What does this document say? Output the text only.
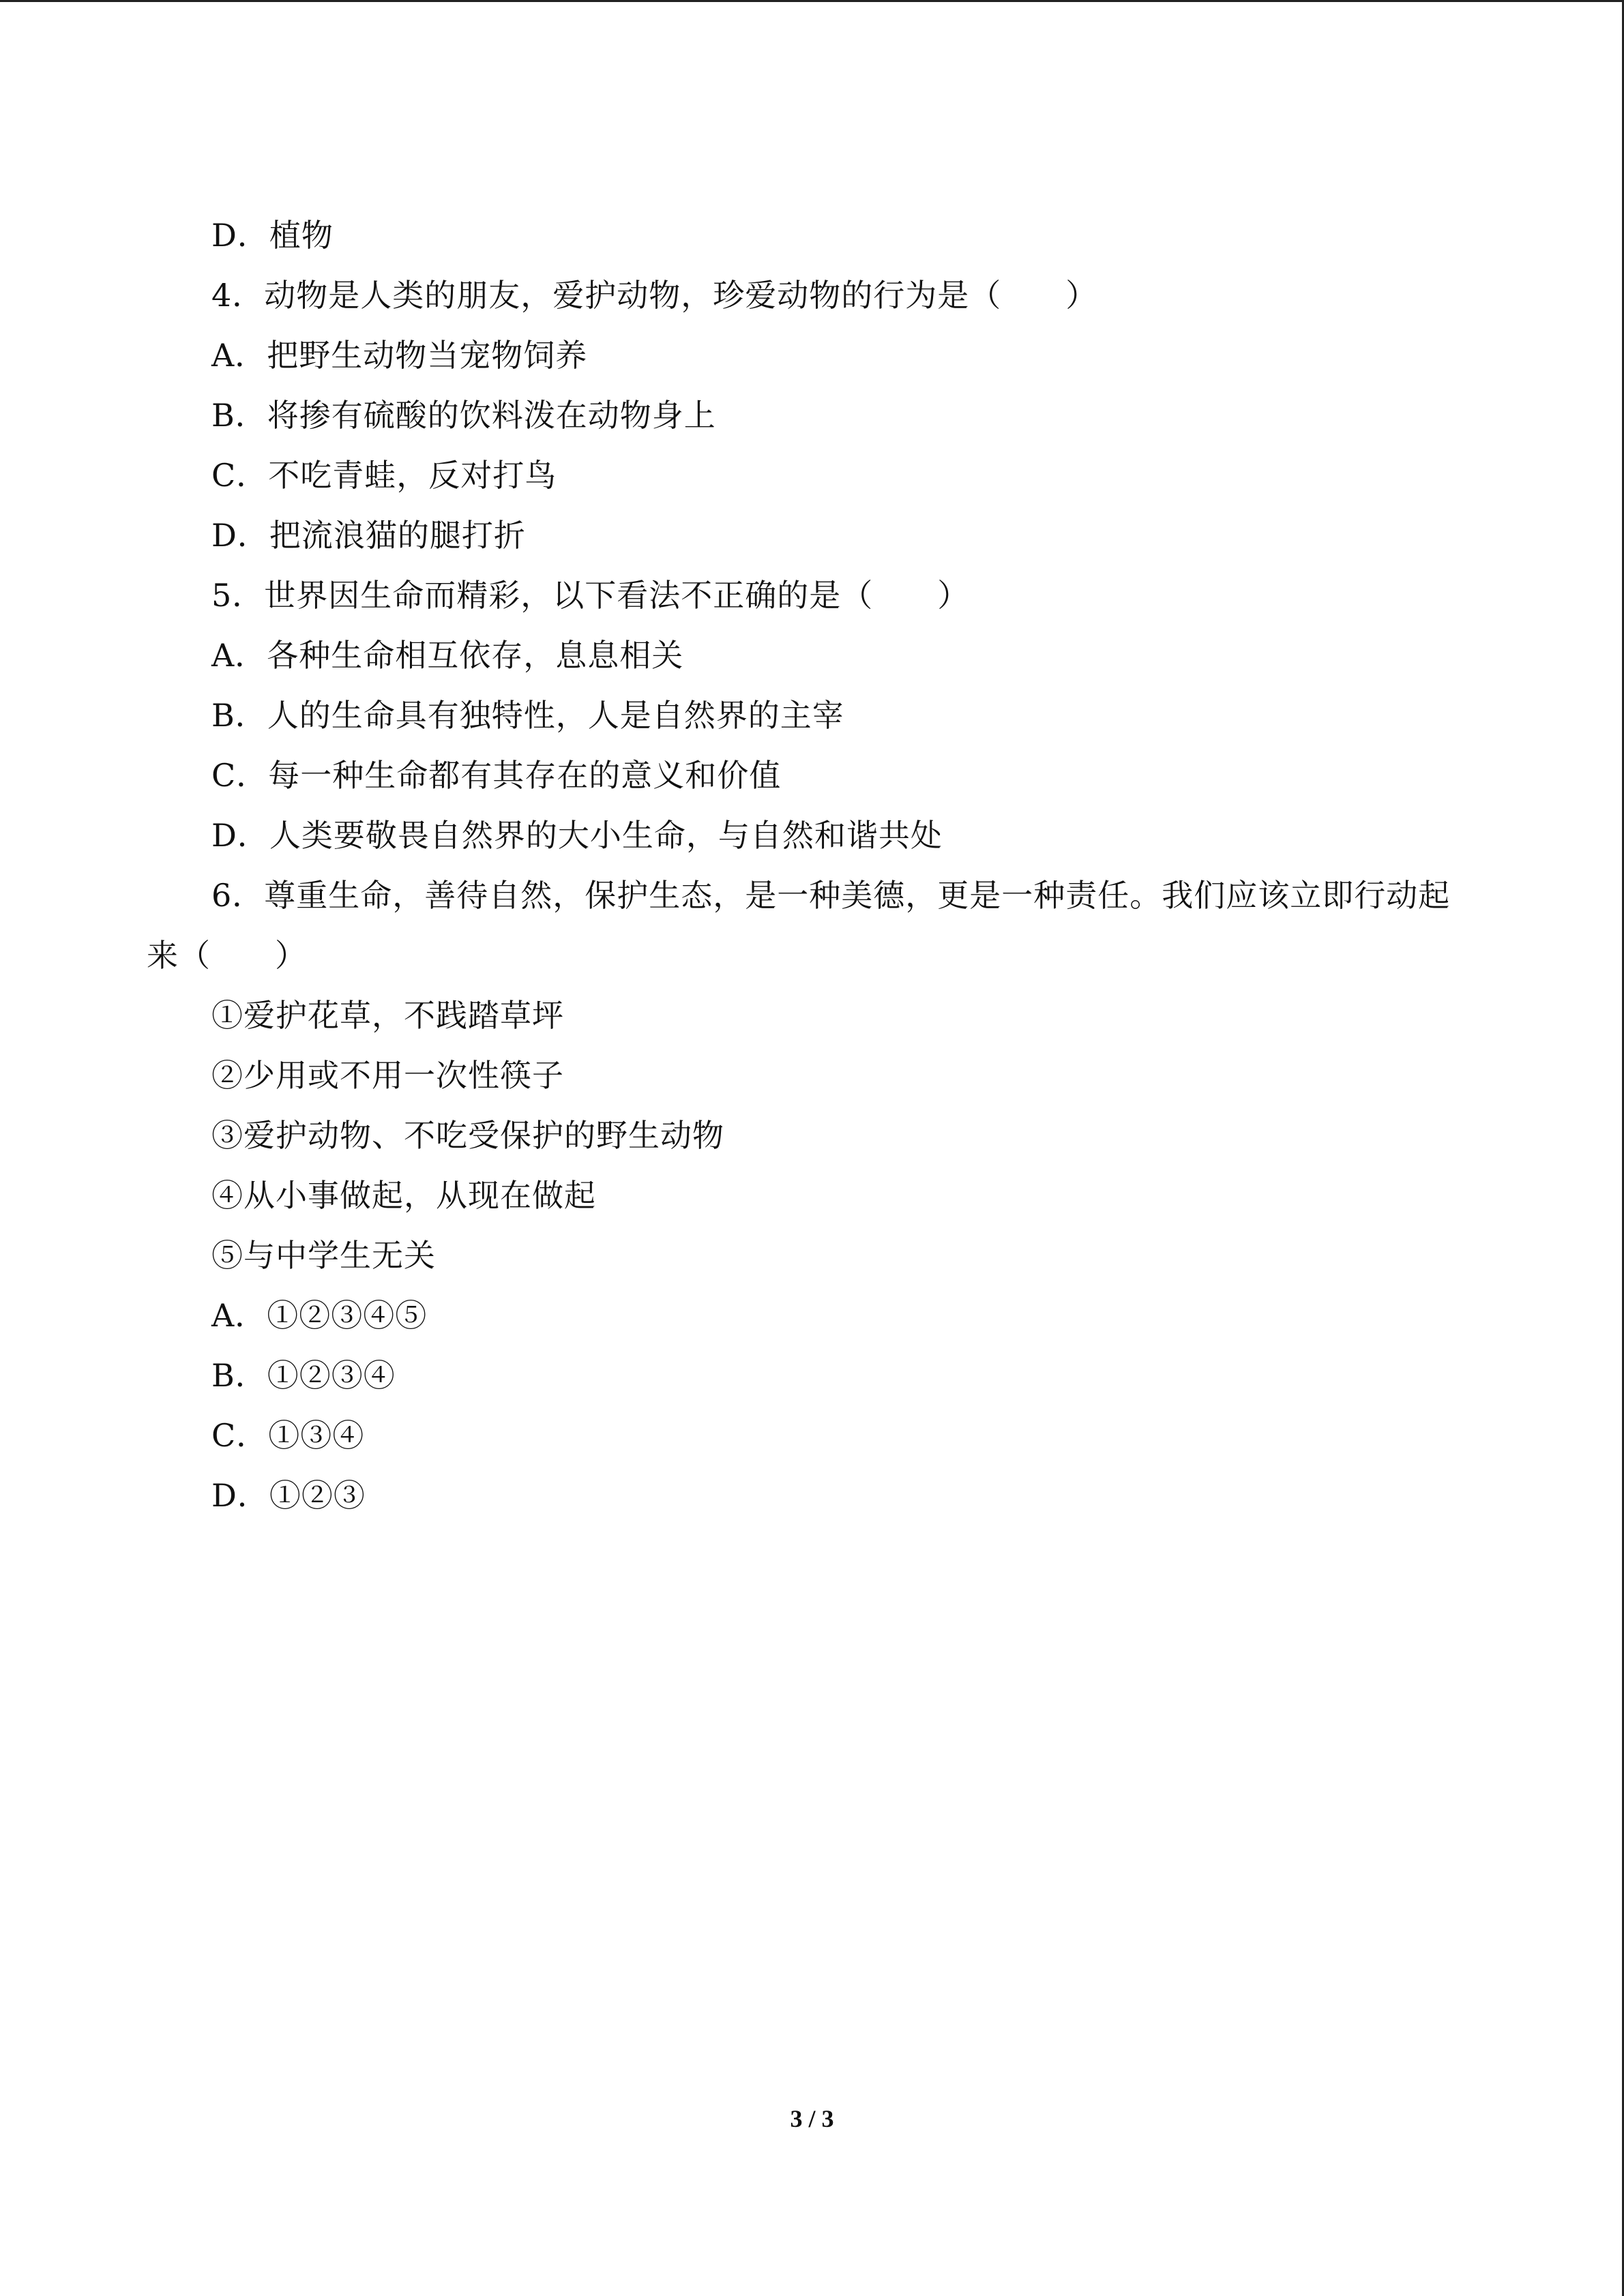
D．植物
4．动物是人类的朋友，爱护动物，珍爱动物的行为是（　　）
A．把野生动物当宠物饲养
B．将掺有硫酸的饮料泼在动物身上
C．不吃青蛙，反对打鸟
D．把流浪猫的腿打折
5．世界因生命而精彩，以下看法不正确的是（　　）
A．各种生命相互依存，息息相关
B．人的生命具有独特性，人是自然界的主宰
C．每一种生命都有其存在的意义和价值
D．人类要敬畏自然界的大小生命，与自然和谐共处
6．尊重生命，善待自然，保护生态，是一种美德，更是一种责任。我们应该立即行动起
来（　　）
①爱护花草，不践踏草坪
②少用或不用一次性筷子
③爱护动物、不吃受保护的野生动物
④从小事做起，从现在做起
⑤与中学生无关
A．①②③④⑤
B．①②③④
C．①③④
D．①②③
3 / 3
